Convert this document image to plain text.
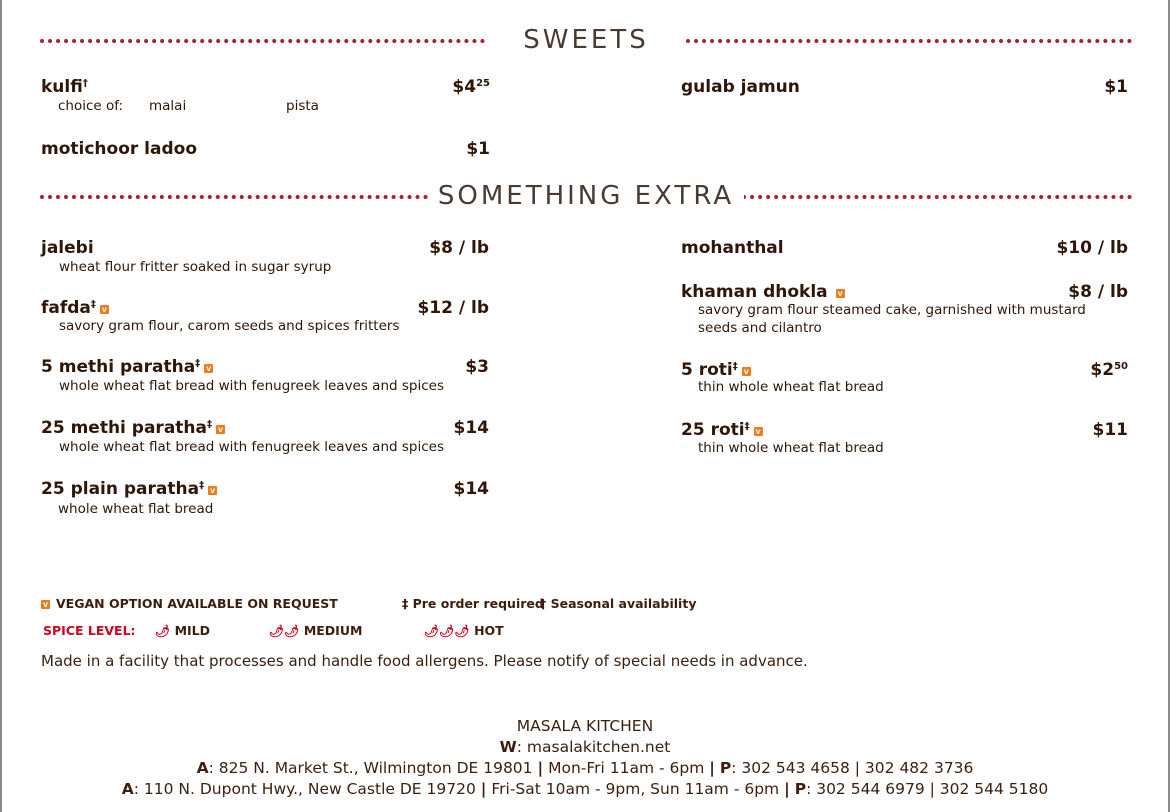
SWEETS
kulfi†	$\$4^{25}$
choice of: malai	pista
gulab jamun	$1
motichoor ladoo	$1
SOMETHING EXTRA
jalebi	$8 / lb
wheat flour fritter soaked in sugar syrup
fafda‡ v	$12 / lb
savory gram flour, carom seeds and spices fritters
5 methi paratha‡ v	$3
whole wheat flat bread with fenugreek leaves and spices
25 methi paratha‡ v	$14
whole wheat flat bread with fenugreek leaves and spices
25 plain paratha‡ v	$14
whole wheat flat bread
mohanthal	$10 / lb
khaman dhokla v	$8 / lb
savory gram flour steamed cake, garnished with mustard seeds and cilantro
5 roti‡ v	$\$2^{50}$
thin whole wheat flat bread
25 roti‡ v	$11
thin whole wheat flat bread
v VEGAN OPTION AVAILABLE ON REQUEST	‡ Pre order required
† Seasonal availability
SPICE LEVEL: 🌶 MILD	🌶🌶 MEDIUM	🌶🌶🌶 HOT
Made in a facility that processes and handle food allergens. Please notify of special needs in advance.
MASALA KITCHEN
W: masalakitchen.net
A: 825 N. Market St., Wilmington DE 19801 | Mon-Fri 11am - 6pm | P: 302 543 4658 | 302 482 3736
A: 110 N. Dupont Hwy., New Castle DE 19720 | Fri-Sat 10am - 9pm, Sun 11am - 6pm | P: 302 544 6979 | 302 544 5180
